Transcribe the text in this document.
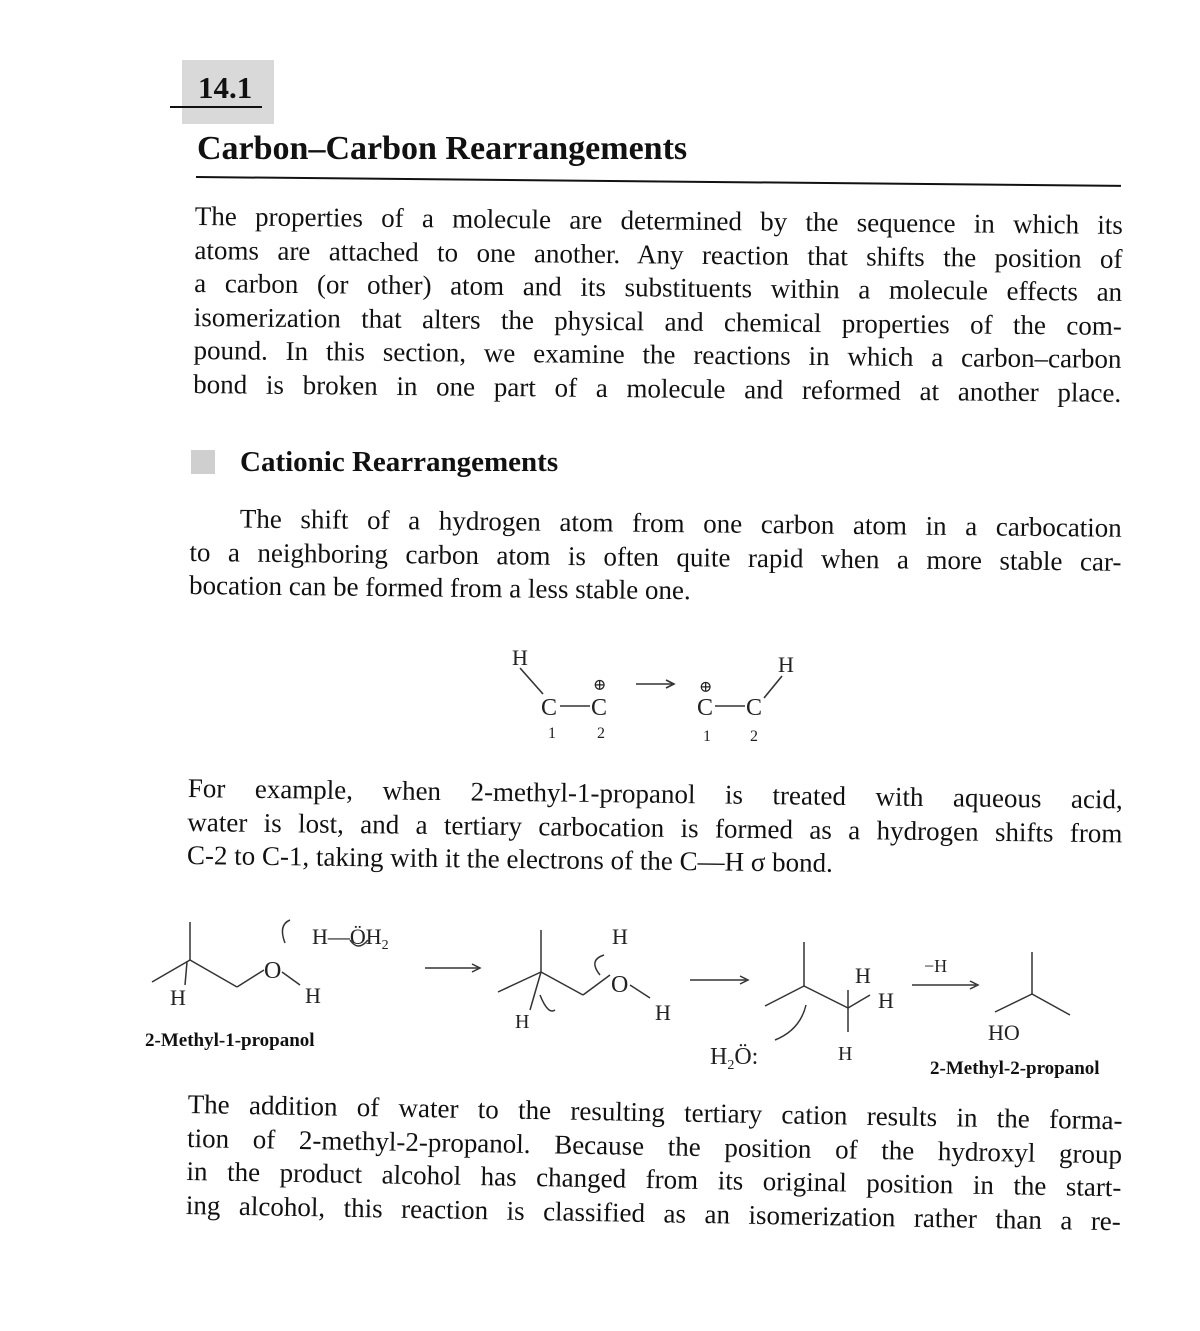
14.1
Carbon–Carbon Rearrangements

The properties of a molecule are determined by the sequence in which its
atoms are attached to one another. Any reaction that shifts the position of
a carbon (or other) atom and its substituents within a molecule effects an
isomerization that alters the physical and chemical properties of the com-
pound. In this section, we examine the reactions in which a carbon–carbon
bond is broken in one part of a molecule and reformed at another place.

Cationic Rearrangements

The shift of a hydrogen atom from one carbon atom in a carbocation
to a neighboring carbon atom is often quite rapid when a more stable car-
bocation can be formed from a less stable one.

H
C C
⊕
1	2
C
⊕
C
H
1 2

For example, when 2-methyl-1-propanol is treated with aqueous acid,
water is lost, and a tertiary carbocation is formed as a hydrogen shifts from
C-2 to C-1, taking with it the electrons of the C—H σ bond.

H
O
H
$H—ÖH_2$	H
O
H
H
H
H
H
$H_2Ö$:
−H
HO
2-Methyl-1-propanol
2-Methyl-2-propanol

The addition of water to the resulting tertiary cation results in the forma-
tion of 2-methyl-2-propanol. Because the position of the hydroxyl group
in the product alcohol has changed from its original position in the start-
ing alcohol, this reaction is classified as an isomerization rather than a re-
